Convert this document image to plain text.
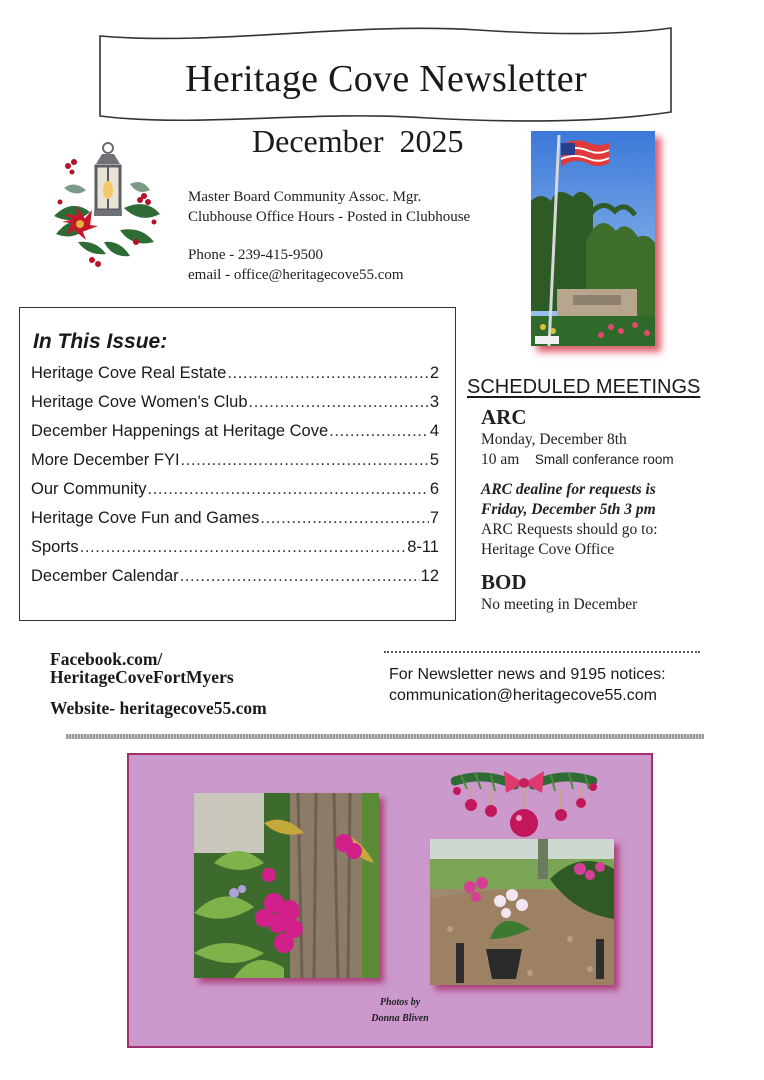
Heritage Cove Newsletter
December  2025
Master Board Community Assoc. Mgr.
Clubhouse Office Hours - Posted in Clubhouse
Phone - 239-415-9500
email - office@heritagecove55.com
In This Issue:
Heritage Cove Real Estate .....	2
Heritage Cove Women's Club .....	3
December Happenings at Heritage Cove .....	4
More December FYI .....	5
Our Community .....	6
Heritage Cove Fun and Games .....	7
Sports .....	8-11
December Calendar .....	12
SCHEDULED MEETINGS
ARC
Monday, December 8th
10 am Small conferance room
ARC dealine for requests is
Friday, December 5th 3 pm
ARC Requests should go to:
Heritage Cove Office
BOD
No meeting in December
Facebook.com/
HeritageCoveFortMyers
Website- heritagecove55.com
For Newsletter news and 9195 notices:
communication@heritagecove55.com
Photos by
Donna Bliven
